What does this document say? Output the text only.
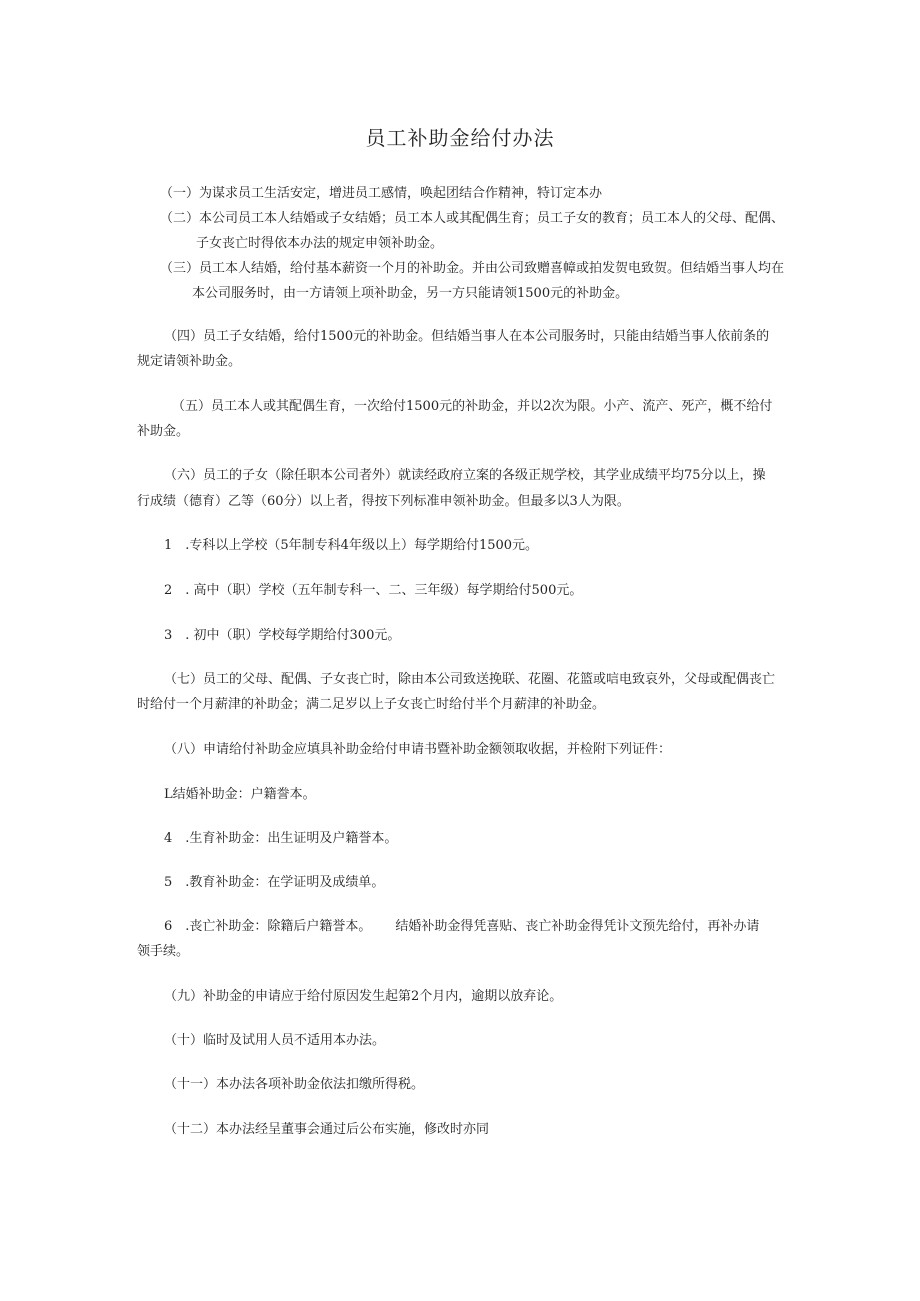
员工补助金给付办法
（一）为谋求员工生活安定，增进员工感情，唤起团结合作精神，特订定本办
（二）本公司员工本人结婚或子女结婚；员工本人或其配偶生育；员工子女的教育；员工本人的父母、配偶、
子女丧亡时得依本办法的规定申领补助金。
（三）员工本人结婚，给付基本薪资一个月的补助金。并由公司致赠喜幛或拍发贺电致贺。但结婚当事人均在
本公司服务时，由一方请领上项补助金，另一方只能请领1500元的补助金。
（四）员工子女结婚，给付1500元的补助金。但结婚当事人在本公司服务时，只能由结婚当事人依前条的
规定请领补助金。
（五）员工本人或其配偶生育，一次给付1500元的补助金，并以2次为限。小产、流产、死产，概不给付
补助金。
（六）员工的子女（除任职本公司者外）就读经政府立案的各级正规学校，其学业成绩平均75分以上，操
行成绩（德育）乙等（60分）以上者，得按下列标准申领补助金。但最多以3人为限。
1　.专科以上学校（5年制专科4年级以上）每学期给付1500元。
2　. 高中（职）学校（五年制专科一、二、三年级）每学期给付500元。
3　. 初中（职）学校每学期给付300元。
（七）员工的父母、配偶、子女丧亡时，除由本公司致送挽联、花圈、花篮或唁电致哀外，父母或配偶丧亡
时给付一个月薪津的补助金；满二足岁以上子女丧亡时给付半个月薪津的补助金。
（八）申请给付补助金应填具补助金给付申请书暨补助金额领取收据，并检附下列证件：
L结婚补助金：户籍誊本。
4　.生育补助金：出生证明及户籍誉本。
5　.教育补助金：在学证明及成绩单。
6　.丧亡补助金：除籍后户籍誉本。 结婚补助金得凭喜贴、丧亡补助金得凭讣文预先给付，再补办请
领手续。
（九）补助金的申请应于给付原因发生起第2个月内，逾期以放弃论。
（十）临时及试用人员不适用本办法。
（十一）本办法各项补助金依法扣缴所得税。
（十二）本办法经呈董事会通过后公布实施，修改时亦同
